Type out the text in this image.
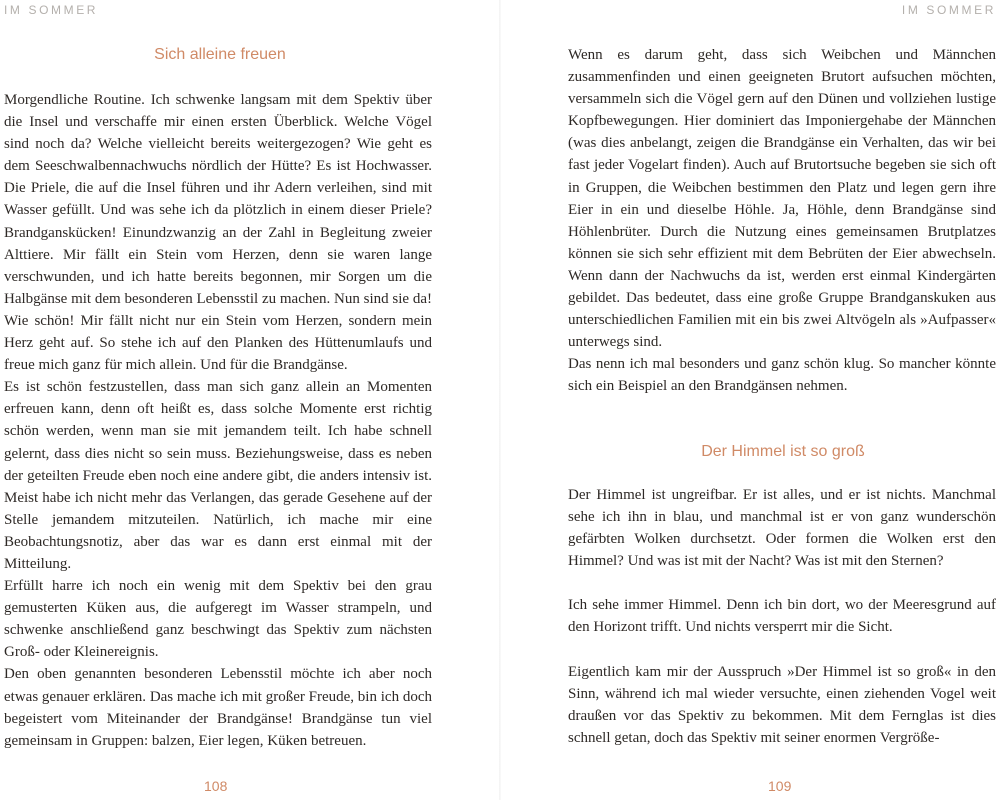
IM SOMMER
Sich alleine freuen

Morgendliche Routine. Ich schwenke langsam mit dem Spektiv über die Insel und verschaffe mir einen ersten Überblick. Welche Vögel sind noch da? Welche vielleicht bereits weitergezogen? Wie geht es dem Seeschwalbennachwuchs nördlich der Hütte? Es ist Hochwasser. Die Priele, die auf die Insel führen und ihr Adern verleihen, sind mit Wasser gefüllt. Und was sehe ich da plötzlich in einem dieser Priele? Brandganskücken! Einundzwanzig an der Zahl in Begleitung zweier Alttiere. Mir fällt ein Stein vom Herzen, denn sie waren lange verschwunden, und ich hatte bereits begonnen, mir Sorgen um die Halbgänse mit dem besonderen Lebensstil zu machen. Nun sind sie da! Wie schön! Mir fällt nicht nur ein Stein vom Herzen, sondern mein Herz geht auf. So stehe ich auf den Planken des Hüttenumlaufs und freue mich ganz für mich allein. Und für die Brandgänse.

Es ist schön festzustellen, dass man sich ganz allein an Momenten erfreuen kann, denn oft heißt es, dass solche Momente erst richtig schön werden, wenn man sie mit jemandem teilt. Ich habe schnell gelernt, dass dies nicht so sein muss. Beziehungsweise, dass es neben der geteilten Freude eben noch eine andere gibt, die anders intensiv ist. Meist habe ich nicht mehr das Verlangen, das gerade Gesehene auf der Stelle jemandem mitzuteilen. Natürlich, ich mache mir eine Beobachtungsnotiz, aber das war es dann erst einmal mit der Mitteilung.

Erfüllt harre ich noch ein wenig mit dem Spektiv bei den grau gemusterten Küken aus, die aufgeregt im Wasser strampeln, und schwenke anschließend ganz beschwingt das Spektiv zum nächsten Groß- oder Kleinereignis.

Den oben genannten besonderen Lebensstil möchte ich aber noch etwas genauer erklären. Das mache ich mit großer Freude, bin ich doch begeistert vom Miteinander der Brandgänse! Brandgänse tun viel gemeinsam in Gruppen: balzen, Eier legen, Küken betreuen.

108
IM SOMMER

Wenn es darum geht, dass sich Weibchen und Männchen zusammenfinden und einen geeigneten Brutort aufsuchen möchten, versammeln sich die Vögel gern auf den Dünen und vollziehen lustige Kopfbewegungen. Hier dominiert das Imponiergehabe der Männchen (was dies anbelangt, zeigen die Brandgänse ein Verhalten, das wir bei fast jeder Vogelart finden). Auch auf Brutortsuche begeben sie sich oft in Gruppen, die Weibchen bestimmen den Platz und legen gern ihre Eier in ein und dieselbe Höhle. Ja, Höhle, denn Brandgänse sind Höhlenbrüter. Durch die Nutzung eines gemeinsamen Brutplatzes können sie sich sehr effizient mit dem Bebrüten der Eier abwechseln. Wenn dann der Nachwuchs da ist, werden erst einmal Kindergärten gebildet. Das bedeutet, dass eine große Gruppe Brandganskuken aus unterschiedlichen Familien mit ein bis zwei Altvögeln als »Aufpasser« unterwegs sind.

Das nenn ich mal besonders und ganz schön klug. So mancher könnte sich ein Beispiel an den Brandgänsen nehmen.

Der Himmel ist so groß

Der Himmel ist ungreifbar. Er ist alles, und er ist nichts. Manchmal sehe ich ihn in blau, und manchmal ist er von ganz wunderschön gefärbten Wolken durchsetzt. Oder formen die Wolken erst den Himmel? Und was ist mit der Nacht? Was ist mit den Sternen?

Ich sehe immer Himmel. Denn ich bin dort, wo der Meeresgrund auf den Horizont trifft. Und nichts versperrt mir die Sicht.

Eigentlich kam mir der Ausspruch »Der Himmel ist so groß« in den Sinn, während ich mal wieder versuchte, einen ziehenden Vogel weit draußen vor das Spektiv zu bekommen. Mit dem Fernglas ist dies schnell getan, doch das Spektiv mit seiner enormen Vergröße-

109
